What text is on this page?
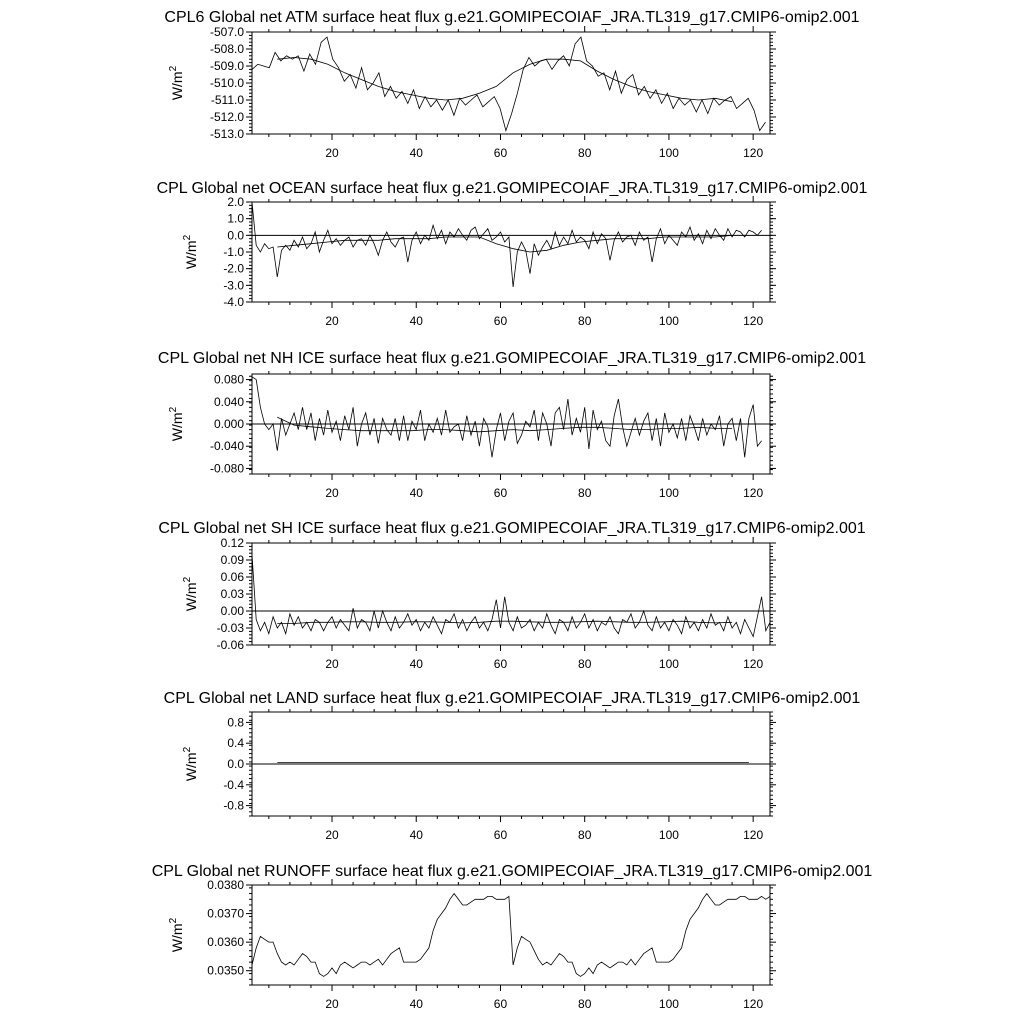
CPL6 Global net ATM surface heat flux g.e21.GOMIPECOIAF_JRA.TL319_g17.CMIP6-omip2.001
20	40	60	80	100	120
-507.0
-508.0
-509.0
-510.0
-511.0
-512.0
-513.0
$W/m^2$
CPL Global net OCEAN surface heat flux g.e21.GOMIPECOIAF_JRA.TL319_g17.CMIP6-omip2.001
20	40	60	80	100	120
2.0
1.0
0.0
-1.0
-2.0
-3.0
-4.0
$W/m^2$
CPL Global net NH ICE surface heat flux g.e21.GOMIPECOIAF_JRA.TL319_g17.CMIP6-omip2.001
20	40	60	80	100	120
0.080
0.040
0.000
-0.040
-0.080
$W/m^2$
CPL Global net SH ICE surface heat flux g.e21.GOMIPECOIAF_JRA.TL319_g17.CMIP6-omip2.001
20	40	60	80	100	120
0.12
0.09
0.06
0.03
0.00
-0.03
-0.06
$W/m^2$
CPL Global net LAND surface heat flux g.e21.GOMIPECOIAF_JRA.TL319_g17.CMIP6-omip2.001
20	40	60	80	100	120
0.8
0.4
0.0
-0.4
-0.8
$W/m^2$
CPL Global net RUNOFF surface heat flux g.e21.GOMIPECOIAF_JRA.TL319_g17.CMIP6-omip2.001
20	40	60	80	100	120
0.0380
0.0370
0.0360
0.0350
$W/m^2$
